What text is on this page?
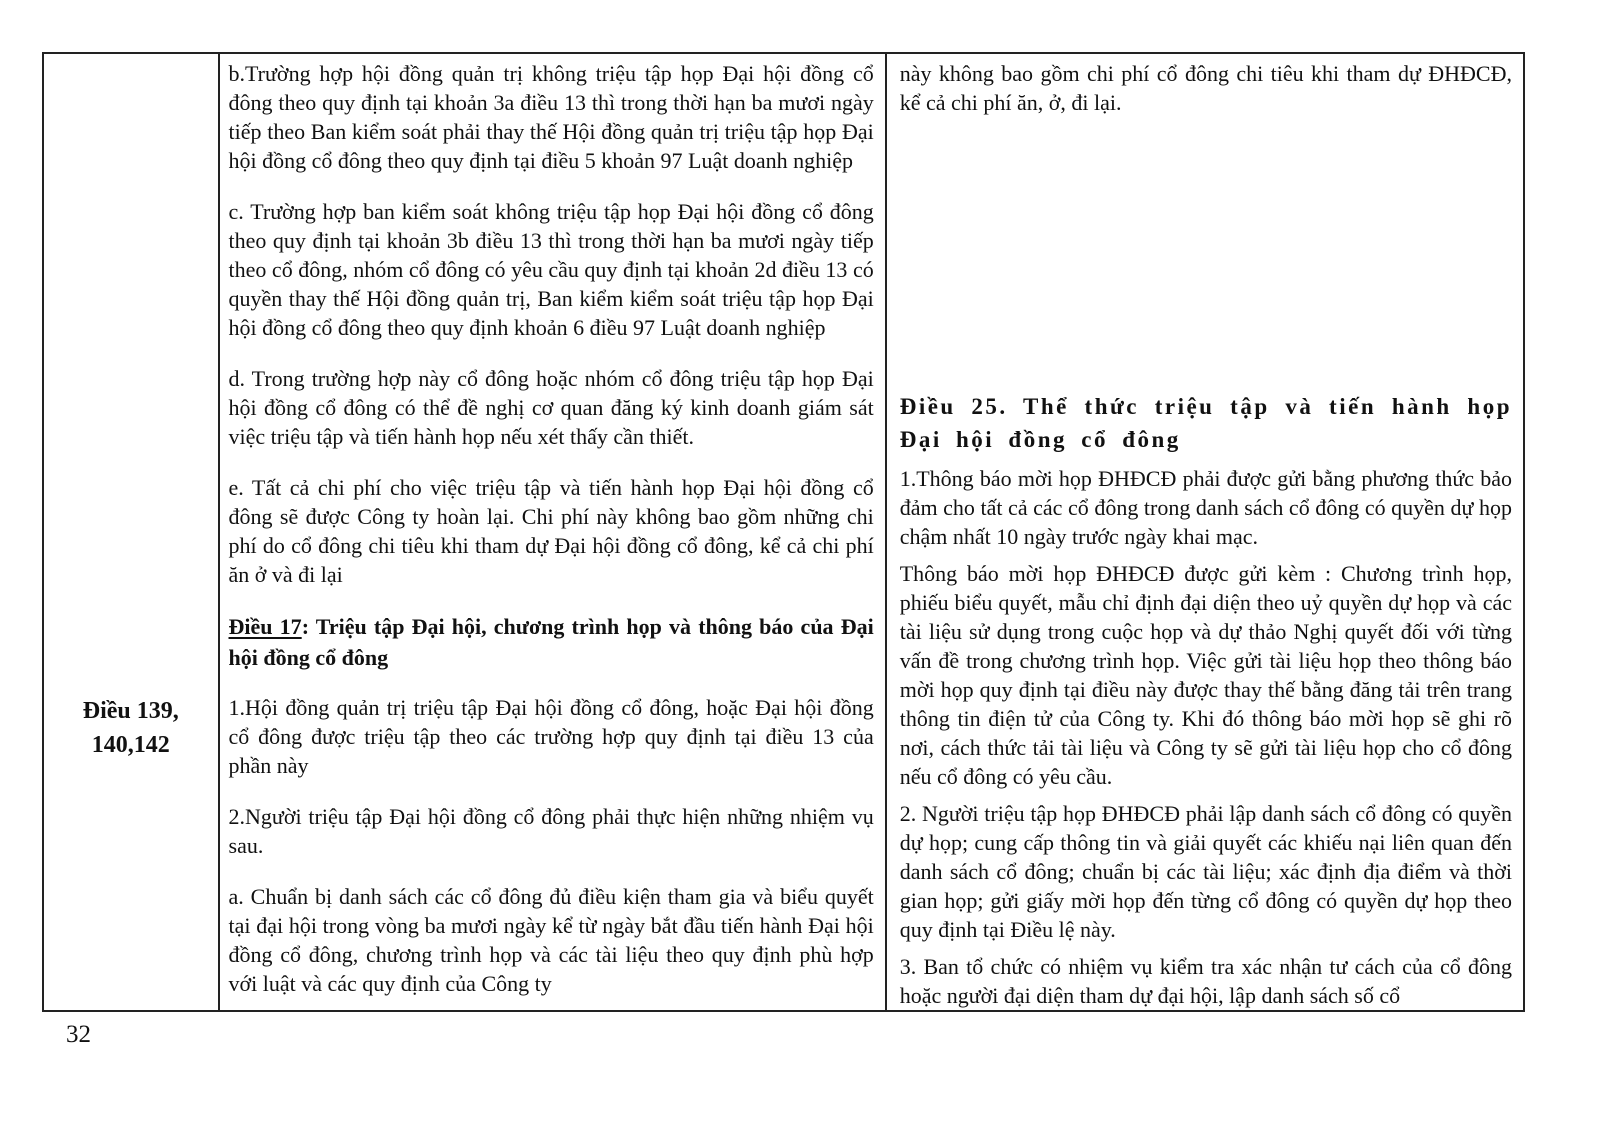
Điều 139,
140,142

b.Trường hợp hội đồng quản trị không triệu tập họp Đại hội đồng cổ đông theo quy định tại khoản 3a điều 13 thì trong thời hạn ba mươi ngày tiếp theo Ban kiểm soát phải thay thế Hội đồng quản trị triệu tập họp Đại hội đồng cổ đông theo quy định tại điều 5 khoản 97 Luật doanh nghiệp

c. Trường hợp ban kiểm soát không triệu tập họp Đại hội đồng cổ đông theo quy định tại khoản 3b điều 13 thì trong thời hạn ba mươi ngày tiếp theo cổ đông, nhóm cổ đông có yêu cầu quy định tại khoản 2d điều 13 có quyền thay thế Hội đồng quản trị, Ban kiểm kiểm soát triệu tập họp Đại hội đồng cổ đông theo quy định khoản 6 điều 97 Luật doanh nghiệp

d. Trong trường hợp này cổ đông hoặc nhóm cổ đông triệu tập họp Đại hội đồng cổ đông có thể đề nghị cơ quan đăng ký kinh doanh giám sát việc triệu tập và tiến hành họp nếu xét thấy cần thiết.

e. Tất cả chi phí cho việc triệu tập và tiến hành họp Đại hội đồng cổ đông sẽ được Công ty hoàn lại. Chi phí này không bao gồm những chi phí do cổ đông chi tiêu khi tham dự Đại hội đồng cổ đông, kể cả chi phí ăn ở và đi lại

Điều 17: Triệu tập Đại hội, chương trình họp và thông báo của Đại hội đồng cổ đông

1.Hội đồng quản trị triệu tập Đại hội đồng cổ đông, hoặc Đại hội đồng cổ đông được triệu tập theo các trường hợp quy định tại điều 13 của phần này

2.Người triệu tập Đại hội đồng cổ đông phải thực hiện những nhiệm vụ sau.

a. Chuẩn bị danh sách các cổ đông đủ điều kiện tham gia và biểu quyết tại đại hội trong vòng ba mươi ngày kể từ ngày bắt đầu tiến hành Đại hội đồng cổ đông, chương trình họp và các tài liệu theo quy định phù hợp với luật và các quy định của Công ty

này không bao gồm chi phí cổ đông chi tiêu khi tham dự ĐHĐCĐ, kể cả chi phí ăn, ở, đi lại.

Điều 25. Thể thức triệu tập và tiến hành họp Đại hội đồng cổ đông

1.Thông báo mời họp ĐHĐCĐ phải được gửi bằng phương thức bảo đảm cho tất cả các cổ đông trong danh sách cổ đông có quyền dự họp chậm nhất 10 ngày trước ngày khai mạc.

Thông báo mời họp ĐHĐCĐ được gửi kèm : Chương trình họp, phiếu biểu quyết, mẫu chỉ định đại diện theo uỷ quyền dự họp và các tài liệu sử dụng trong cuộc họp và dự thảo Nghị quyết đối với từng vấn đề trong chương trình họp. Việc gửi tài liệu họp theo thông báo mời họp quy định tại điều này được thay thế bằng đăng tải trên trang thông tin điện tử của Công ty. Khi đó thông báo mời họp sẽ ghi rõ nơi, cách thức tải tài liệu và Công ty sẽ gửi tài liệu họp cho cổ đông nếu cổ đông có yêu cầu.

2. Người triệu tập họp ĐHĐCĐ phải lập danh sách cổ đông có quyền dự họp; cung cấp thông tin và giải quyết các khiếu nại liên quan đến danh sách cổ đông; chuẩn bị các tài liệu; xác định địa điểm và thời gian họp; gửi giấy mời họp đến từng cổ đông có quyền dự họp theo quy định tại Điều lệ này.

3. Ban tổ chức có nhiệm vụ kiểm tra xác nhận tư cách của cổ đông hoặc người đại diện tham dự đại hội, lập danh sách số cổ

32
